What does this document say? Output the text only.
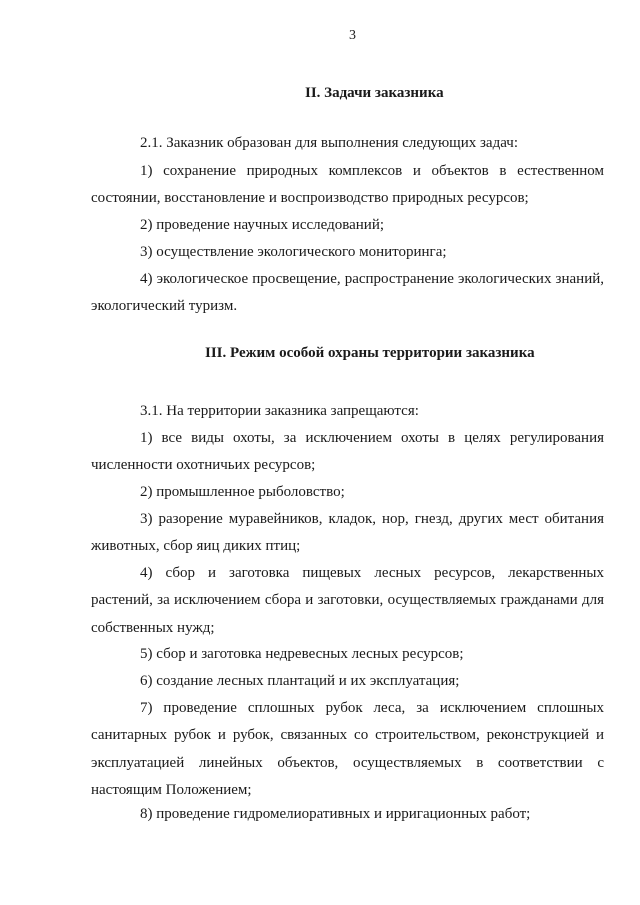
3
II. Задачи заказника

2.1. Заказник образован для выполнения следующих задач:

1) сохранение природных комплексов и объектов в естественном состоянии, восстановление и воспроизводство природных ресурсов;

2) проведение научных исследований;

3) осуществление экологического мониторинга;

4) экологическое просвещение, распространение экологических знаний, экологический туризм.

III. Режим особой охраны территории заказника

3.1. На территории заказника запрещаются:

1) все виды охоты, за исключением охоты в целях регулирования численности охотничьих ресурсов;

2) промышленное рыболовство;

3) разорение муравейников, кладок, нор, гнезд, других мест обитания животных, сбор яиц диких птиц;

4) сбор и заготовка пищевых лесных ресурсов, лекарственных растений, за исключением сбора и заготовки, осуществляемых гражданами для собственных нужд;

5) сбор и заготовка недревесных лесных ресурсов;

6) создание лесных плантаций и их эксплуатация;

7) проведение сплошных рубок леса, за исключением сплошных санитарных рубок и рубок, связанных со строительством, реконструкцией и эксплуатацией линейных объектов, осуществляемых в соответствии с настоящим Положением;

8) проведение гидромелиоративных и ирригационных работ;
